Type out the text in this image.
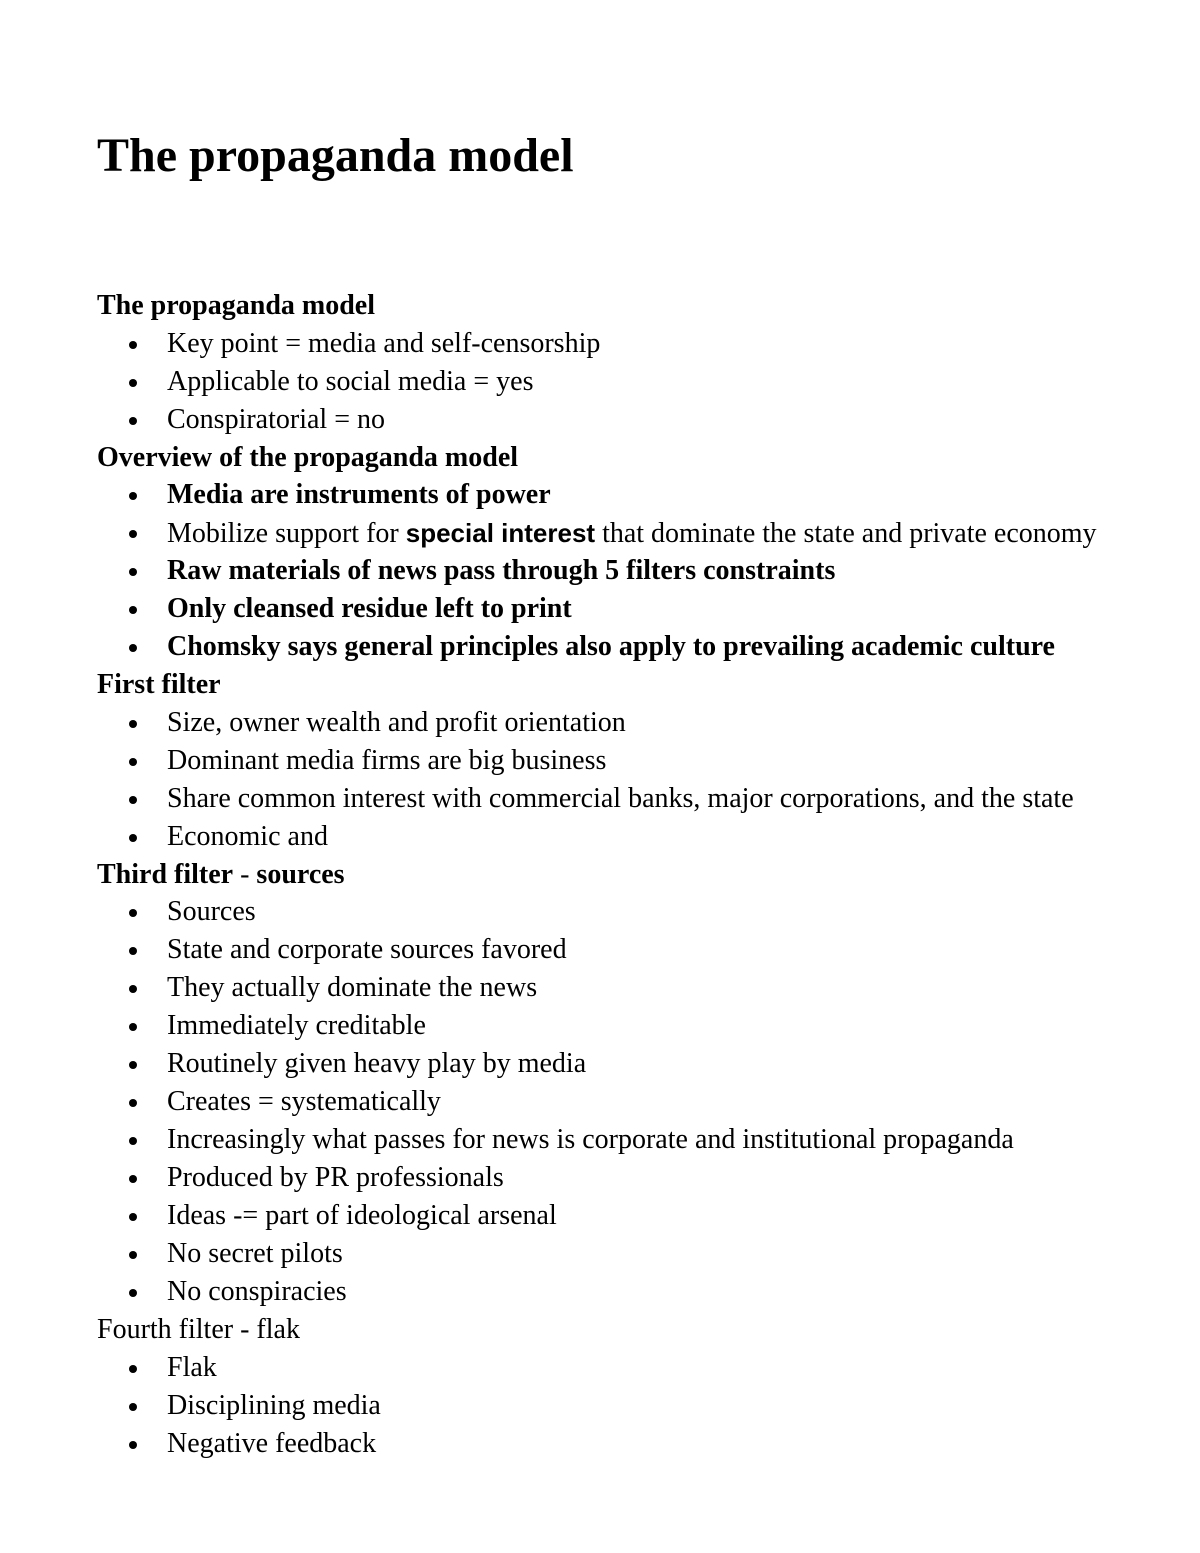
The propaganda model
The propaganda model
Key point = media and self-censorship
Applicable to social media = yes
Conspiratorial = no
Overview of the propaganda model
Media are instruments of power
Mobilize support for special interest that dominate the state and private economy
Raw materials of news pass through 5 filters constraints
Only cleansed residue left to print
Chomsky says general principles also apply to prevailing academic culture
First filter
Size, owner wealth and profit orientation
Dominant media firms are big business
Share common interest with commercial banks, major corporations, and the state
Economic and
Third filter - sources
Sources
State and corporate sources favored
They actually dominate the news
Immediately creditable
Routinely given heavy play by media
Creates = systematically
Increasingly what passes for news is corporate and institutional propaganda
Produced by PR professionals
Ideas -= part of ideological arsenal
No secret pilots
No conspiracies
Fourth filter - flak
Flak
Disciplining media
Negative feedback
